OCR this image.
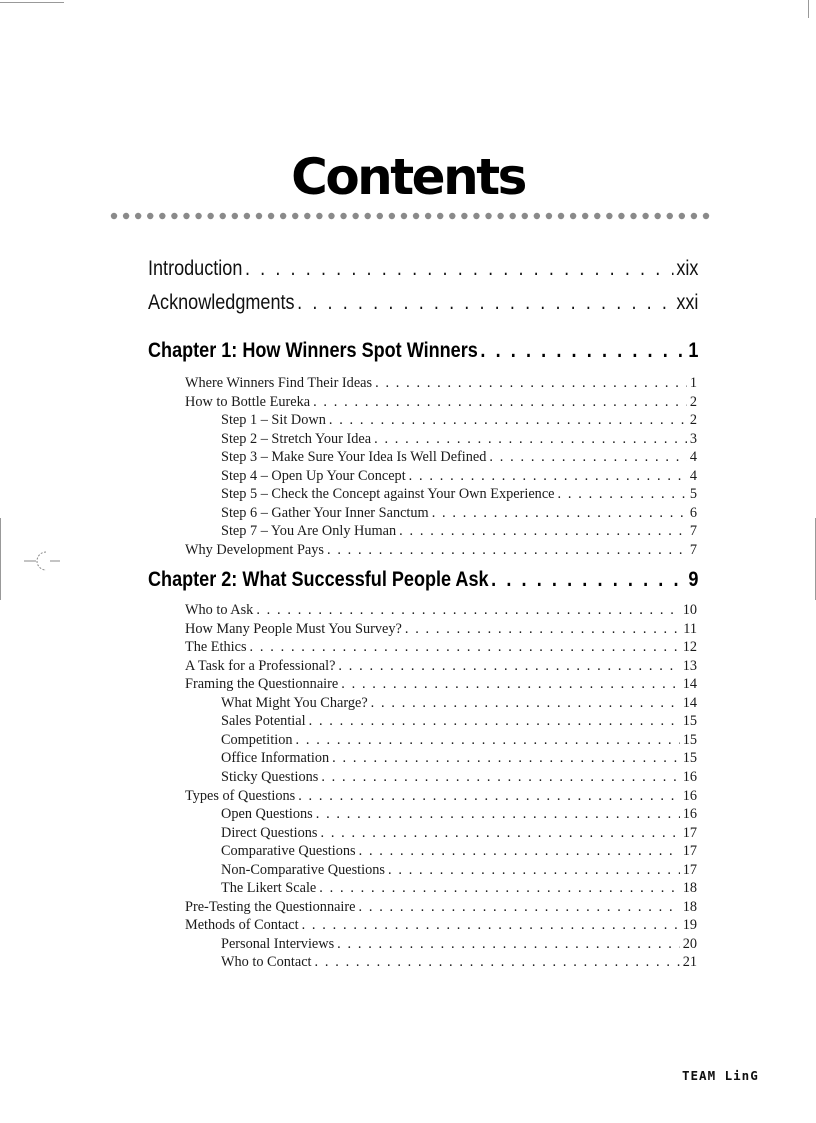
Contents
Introduction . . .	xix
Acknowledgments . . .	xxi
Chapter 1: How Winners Spot Winners . . .	1
Where Winners Find Their Ideas . . .	1
How to Bottle Eureka . . .	2
Step 1 – Sit Down . . .	2
Step 2 – Stretch Your Idea . . .	3
Step 3 – Make Sure Your Idea Is Well Defined . . .	4
Step 4 – Open Up Your Concept . . .	4
Step 5 – Check the Concept against Your Own Experience . . .	5
Step 6 – Gather Your Inner Sanctum . . .	6
Step 7 – You Are Only Human . . .	7
Why Development Pays . . .	7
Chapter 2: What Successful People Ask . . .	9
Who to Ask . . .	10
How Many People Must You Survey? . . .	11
The Ethics . . .	12
A Task for a Professional? . . .	13
Framing the Questionnaire . . .	14
What Might You Charge? . . .	14
Sales Potential . . .	15
Competition . . .	15
Office Information . . .	15
Sticky Questions . . .	16
Types of Questions . . .	16
Open Questions . . .	16
Direct Questions . . .	17
Comparative Questions . . .	17
Non-Comparative Questions . . .	17
The Likert Scale . . .	18
Pre-Testing the Questionnaire . . .	18
Methods of Contact . . .	19
Personal Interviews . . .	20
Who to Contact . . .	21
TEAM LinG
